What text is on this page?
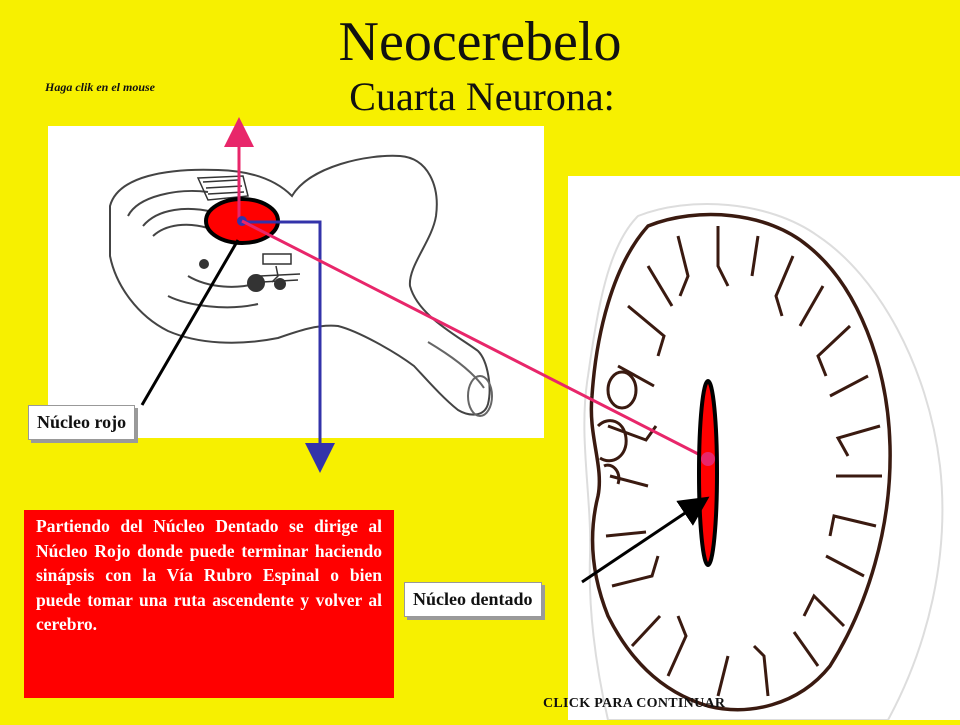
Neocerebelo
Cuarta Neurona:
Haga clik en el mouse
Núcleo rojo
Núcleo dentado
Partiendo del Núcleo Dentado se dirige al Núcleo Rojo donde puede terminar haciendo sinápsis con la Vía Rubro Espinal o bien puede tomar una ruta ascendente y volver al cerebro.
CLICK PARA CONTINUAR
